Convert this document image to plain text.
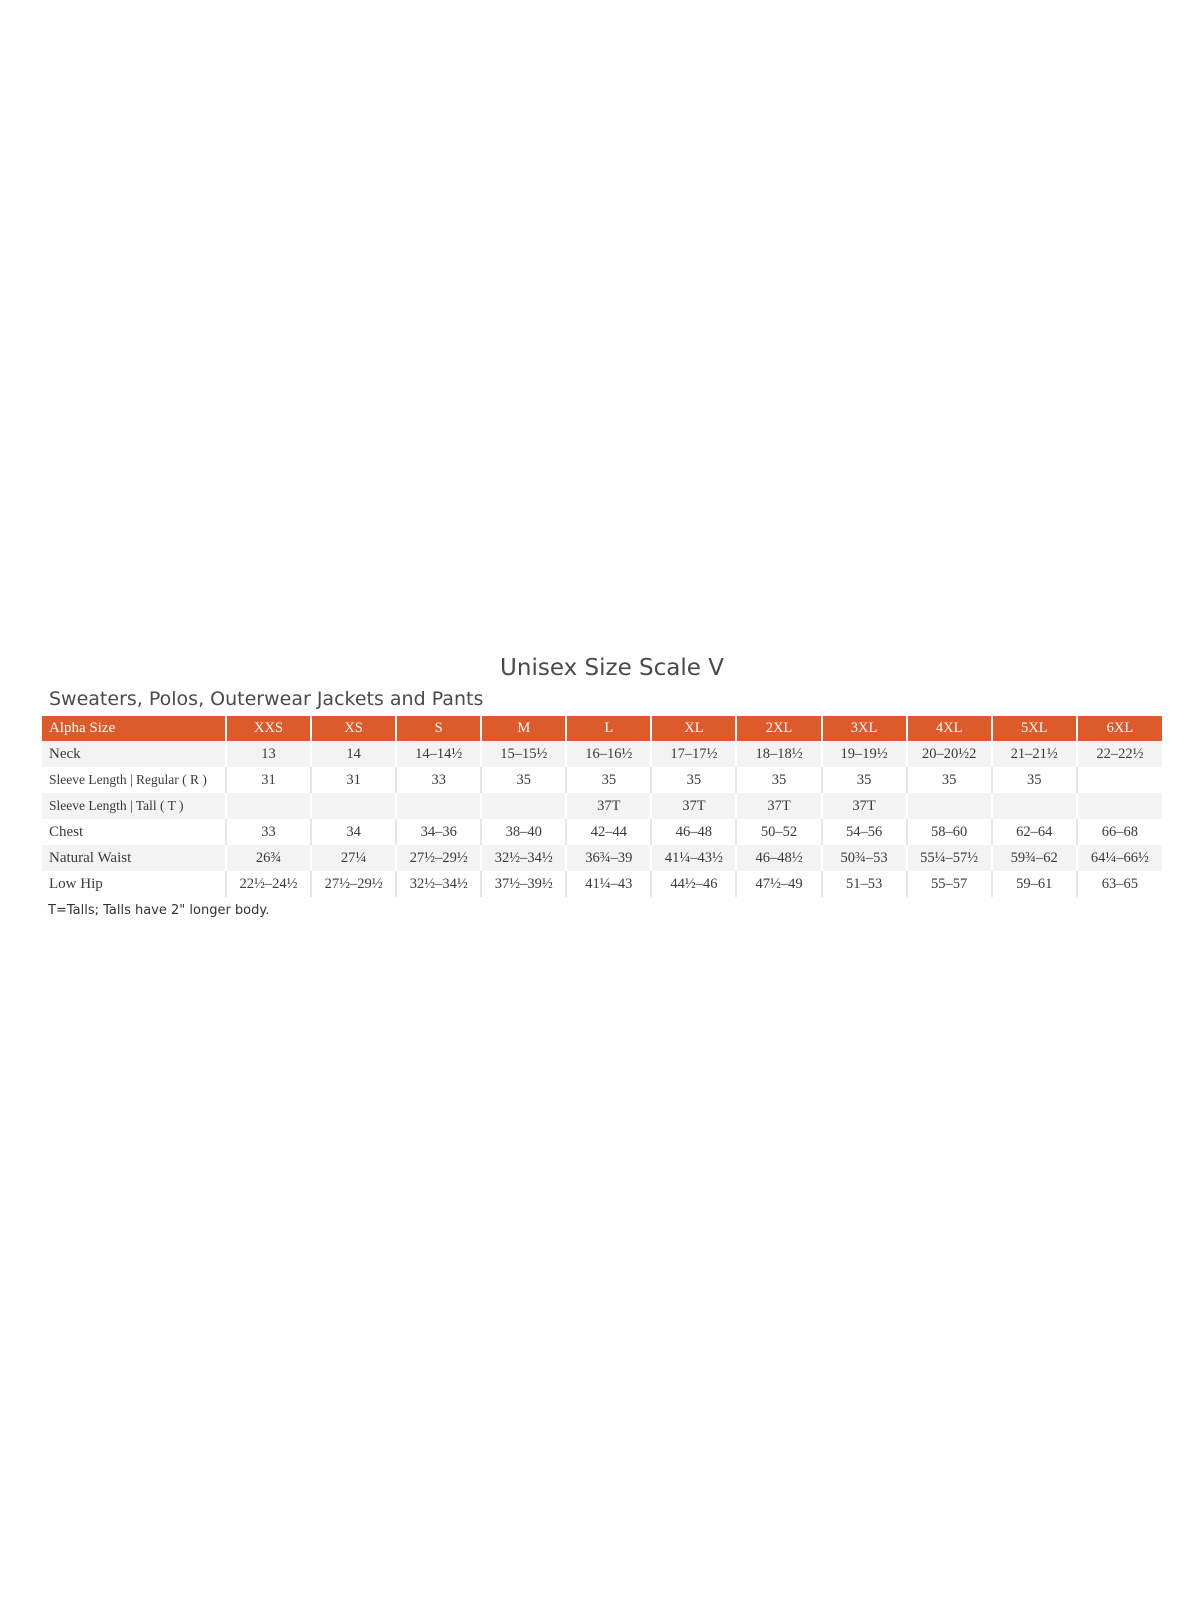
Unisex Size Scale V
Sweaters, Polos, Outerwear Jackets and Pants
Alpha Size	XXS	XS	S	M	L	XL	2XL	3XL	4XL	5XL	6XL
Neck	13	14	14–14½	15–15½	16–16½	17–17½	18–18½	19–19½	20–20½2	21–21½	22–22½
Sleeve Length | Regular ( R )	31	31	33	35	35	35	35	35	35	35	
Sleeve Length | Tall ( T )					37T	37T	37T	37T			
Chest	33	34	34–36	38–40	42–44	46–48	50–52	54–56	58–60	62–64	66–68
Natural Waist	26¾	27¼	27½–29½	32½–34½	36¾–39	41¼–43½	46–48½	50¾–53	55¼–57½	59¾–62	64¼–66½
Low Hip	22½–24½	27½–29½	32½–34½	37½–39½	41¼–43	44½–46	47½–49	51–53	55–57	59–61	63–65
T=Talls; Talls have 2" longer body.
